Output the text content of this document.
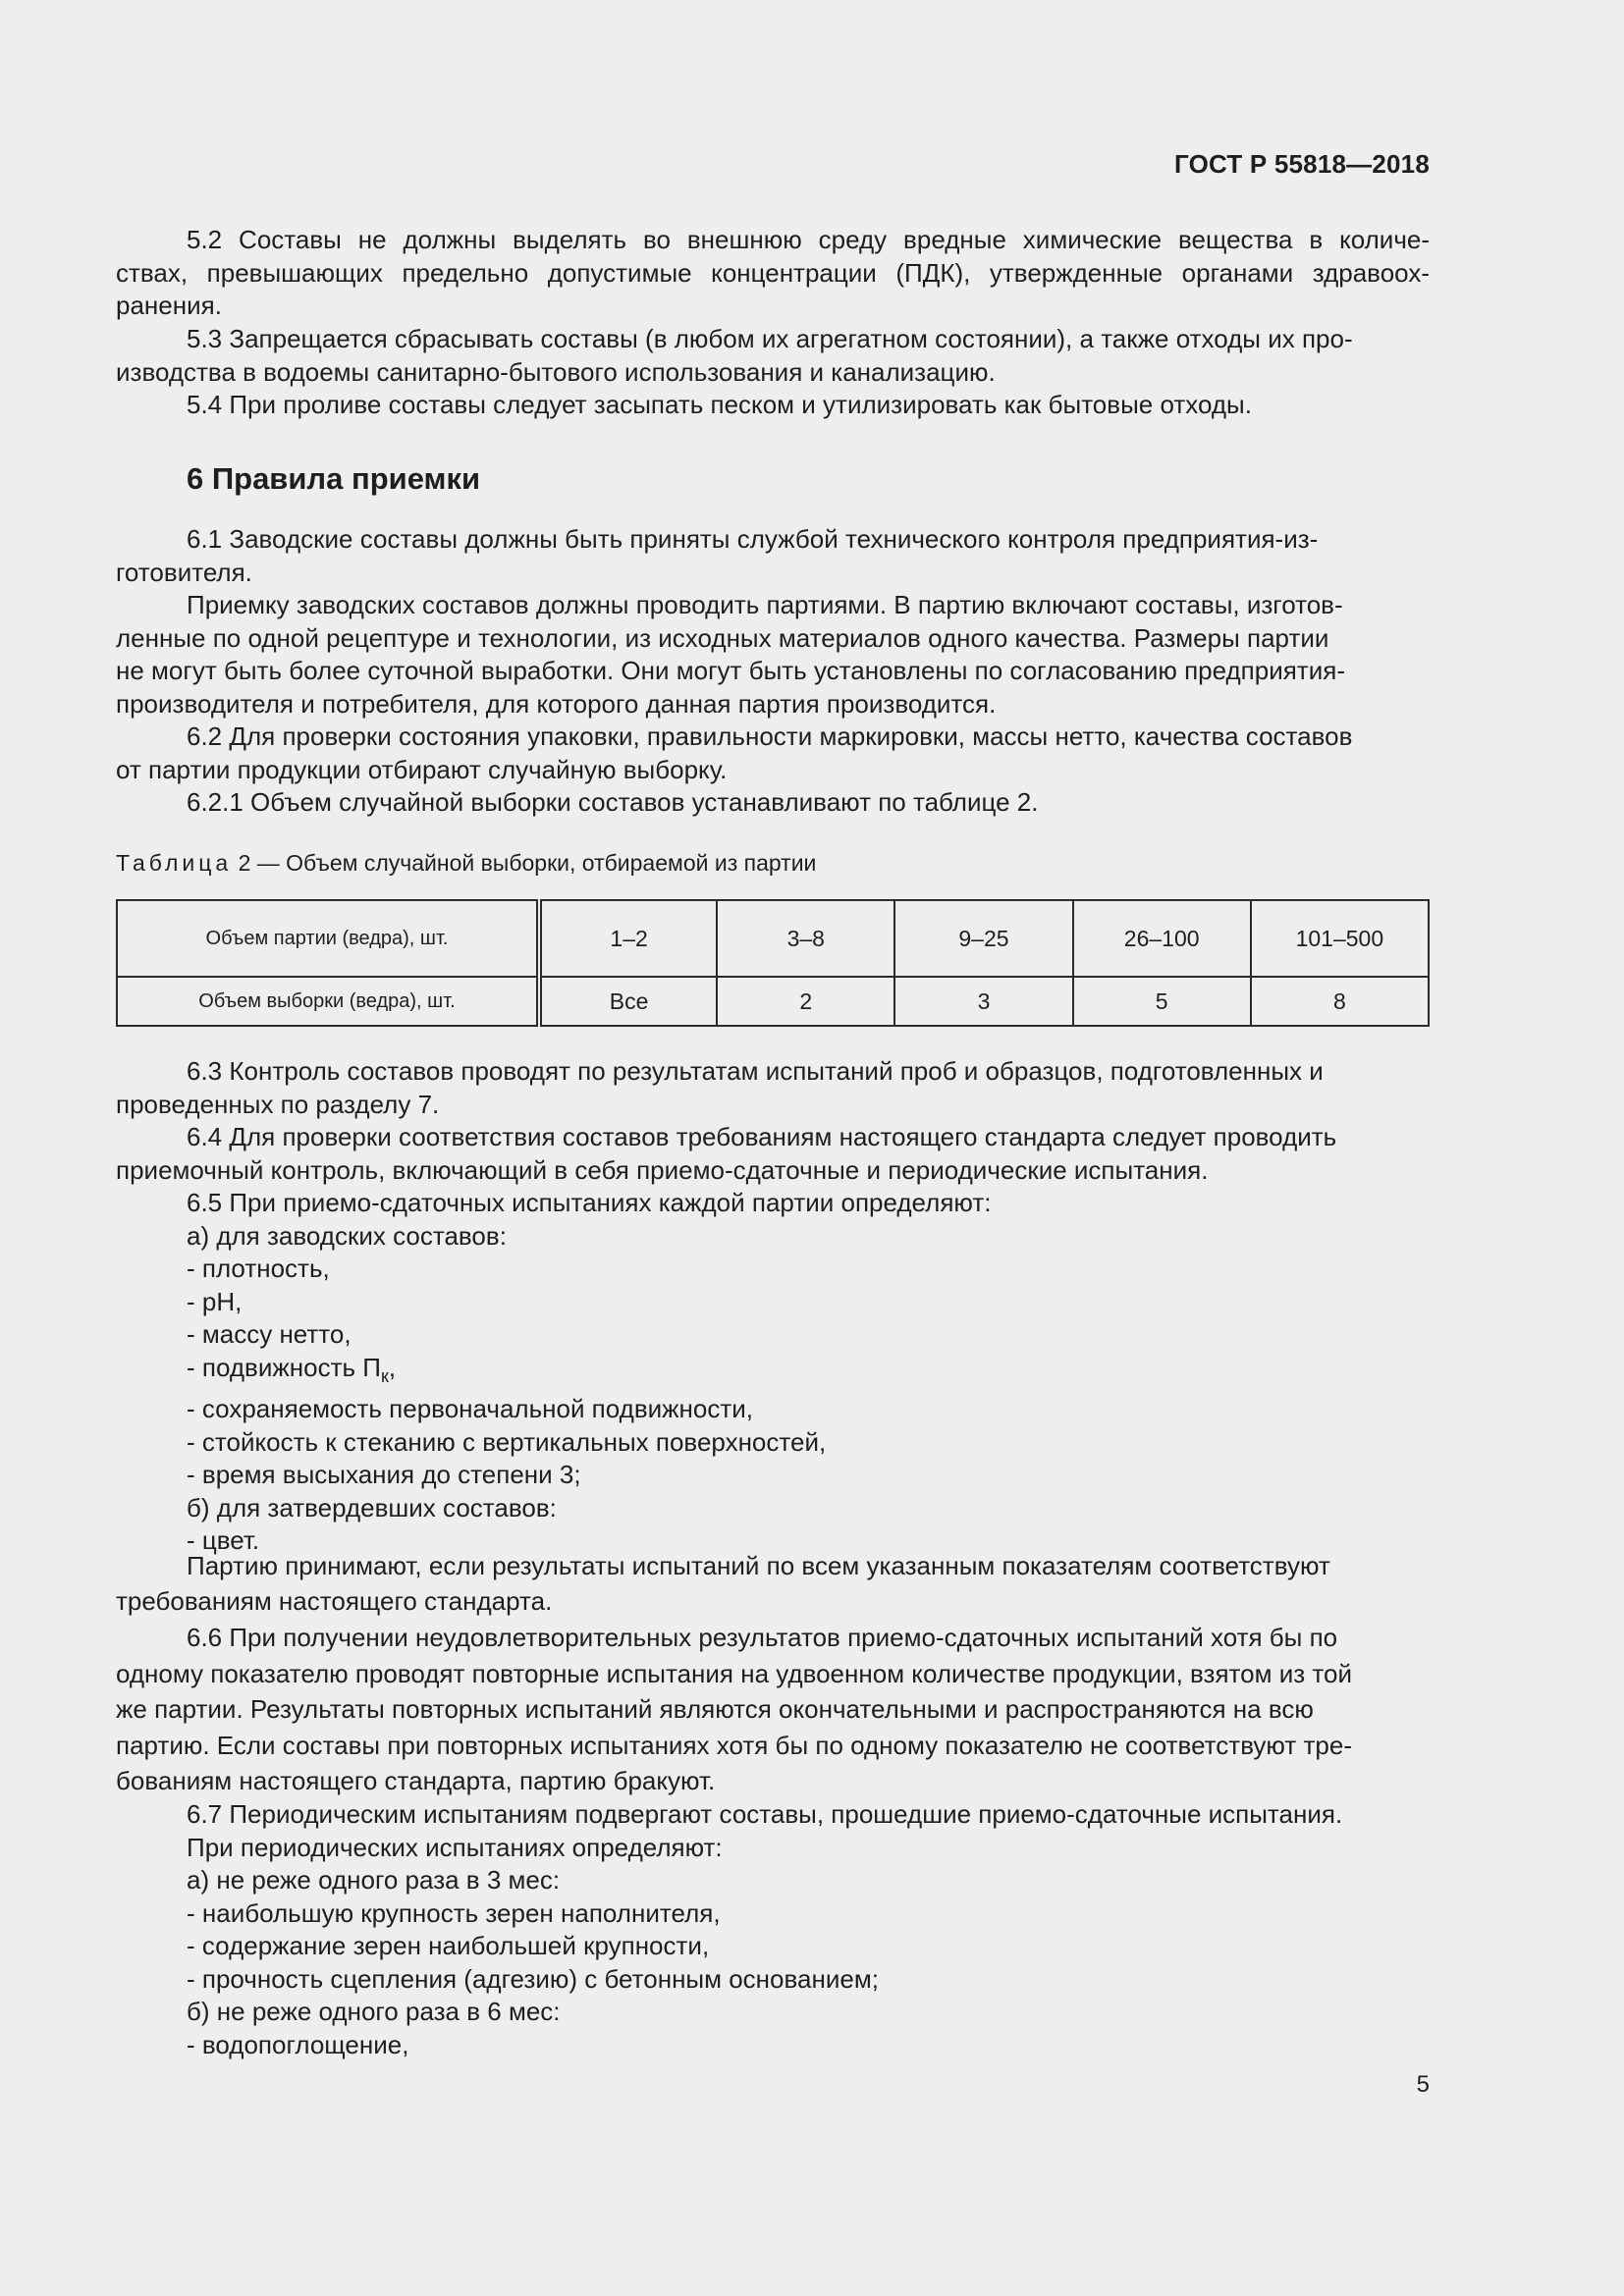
ГОСТ Р 55818—2018
5.2 Составы не должны выделять во внешнюю среду вредные химические вещества в количе-
ствах, превышающих предельно допустимые концентрации (ПДК), утвержденные органами здравоох-
ранения.
5.3 Запрещается сбрасывать составы (в любом их агрегатном состоянии), а также отходы их про-
изводства в водоемы санитарно-бытового использования и канализацию.
5.4 При проливе составы следует засыпать песком и утилизировать как бытовые отходы.
6 Правила приемки
6.1 Заводские составы должны быть приняты службой технического контроля предприятия-из-
готовителя.
Приемку заводских составов должны проводить партиями. В партию включают составы, изготов-
ленные по одной рецептуре и технологии, из исходных материалов одного качества. Размеры партии
не могут быть более суточной выработки. Они могут быть установлены по согласованию предприятия-
производителя и потребителя, для которого данная партия производится.
6.2 Для проверки состояния упаковки, правильности маркировки, массы нетто, качества составов
от партии продукции отбирают случайную выборку.
6.2.1 Объем случайной выборки составов устанавливают по таблице 2.
Таблица 2 — Объем случайной выборки, отбираемой из партии
Объем партии (ведра), шт.	1–2	3–8	9–25	26–100	101–500
Объем выборки (ведра), шт.	Все	2	3	5	8
6.3 Контроль составов проводят по результатам испытаний проб и образцов, подготовленных и
проведенных по разделу 7.
6.4 Для проверки соответствия составов требованиям настоящего стандарта следует проводить
приемочный контроль, включающий в себя приемо-сдаточные и периодические испытания.
6.5 При приемо-сдаточных испытаниях каждой партии определяют:
а) для заводских составов:
- плотность,
- pH,
- массу нетто,
- подвижность $П_к$,
- сохраняемость первоначальной подвижности,
- стойкость к стеканию с вертикальных поверхностей,
- время высыхания до степени 3;
б) для затвердевших составов:
- цвет.
Партию принимают, если результаты испытаний по всем указанным показателям соответствуют
требованиям настоящего стандарта.
6.6 При получении неудовлетворительных результатов приемо-сдаточных испытаний хотя бы по
одному показателю проводят повторные испытания на удвоенном количестве продукции, взятом из той
же партии. Результаты повторных испытаний являются окончательными и распространяются на всю
партию. Если составы при повторных испытаниях хотя бы по одному показателю не соответствуют тре-
бованиям настоящего стандарта, партию бракуют.
6.7 Периодическим испытаниям подвергают составы, прошедшие приемо-сдаточные испытания.
При периодических испытаниях определяют:
а) не реже одного раза в 3 мес:
- наибольшую крупность зерен наполнителя,
- содержание зерен наибольшей крупности,
- прочность сцепления (адгезию) с бетонным основанием;
б) не реже одного раза в 6 мес:
- водопоглощение,
5
